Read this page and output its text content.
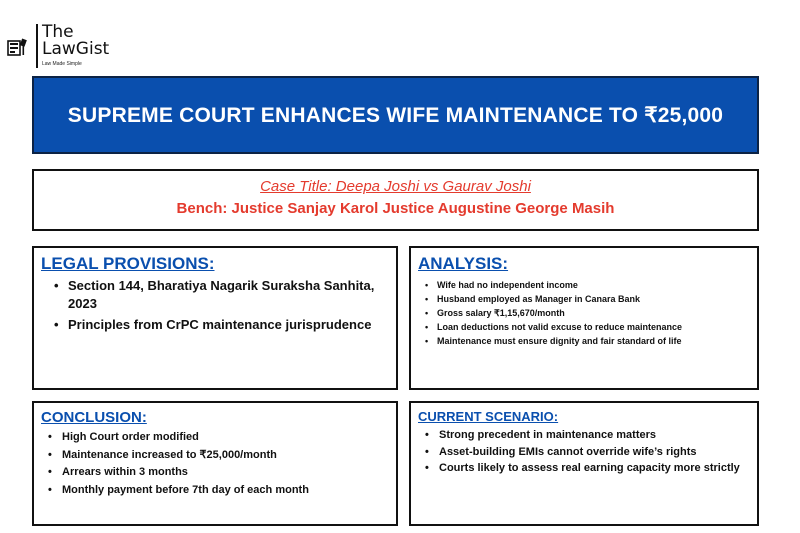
The
LawGist
Law Made Simple
SUPREME COURT ENHANCES WIFE MAINTENANCE TO ₹25,000
Case Title: Deepa Joshi vs Gaurav Joshi
Bench: Justice Sanjay Karol Justice Augustine George Masih
LEGAL PROVISIONS:
• Section 144, Bharatiya Nagarik Suraksha Sanhita, 2023
• Principles from CrPC maintenance jurisprudence
ANALYSIS:
• Wife had no independent income
• Husband employed as Manager in Canara Bank
• Gross salary ₹1,15,670/month
• Loan deductions not valid excuse to reduce maintenance
• Maintenance must ensure dignity and fair standard of life
CONCLUSION:
• High Court order modified
• Maintenance increased to ₹25,000/month
• Arrears within 3 months
• Monthly payment before 7th day of each month
CURRENT SCENARIO:
• Strong precedent in maintenance matters
• Asset-building EMIs cannot override wife’s rights
• Courts likely to assess real earning capacity more strictly
